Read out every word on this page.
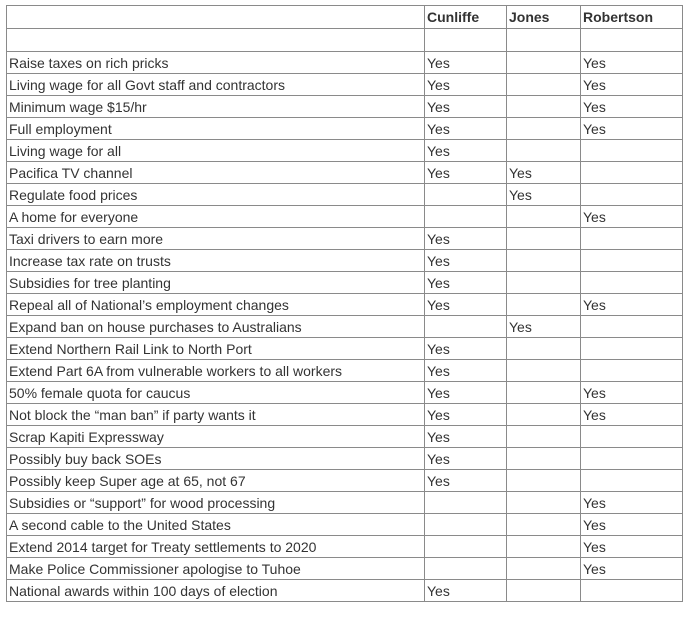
	Cunliffe	Jones	Robertson

Raise taxes on rich pricks	Yes		Yes
Living wage for all Govt staff and contractors	Yes		Yes
Minimum wage $15/hr	Yes		Yes
Full employment	Yes		Yes
Living wage for all	Yes		
Pacifica TV channel	Yes	Yes	
Regulate food prices		Yes	
A home for everyone			Yes
Taxi drivers to earn more	Yes		
Increase tax rate on trusts	Yes		
Subsidies for tree planting	Yes		
Repeal all of National’s employment changes	Yes		Yes
Expand ban on house purchases to Australians		Yes	
Extend Northern Rail Link to North Port	Yes		
Extend Part 6A from vulnerable workers to all workers	Yes		
50% female quota for caucus	Yes		Yes
Not block the “man ban” if party wants it	Yes		Yes
Scrap Kapiti Expressway	Yes		
Possibly buy back SOEs	Yes		
Possibly keep Super age at 65, not 67	Yes		
Subsidies or “support” for wood processing			Yes
A second cable to the United States			Yes
Extend 2014 target for Treaty settlements to 2020			Yes
Make Police Commissioner apologise to Tuhoe			Yes
National awards within 100 days of election	Yes		
